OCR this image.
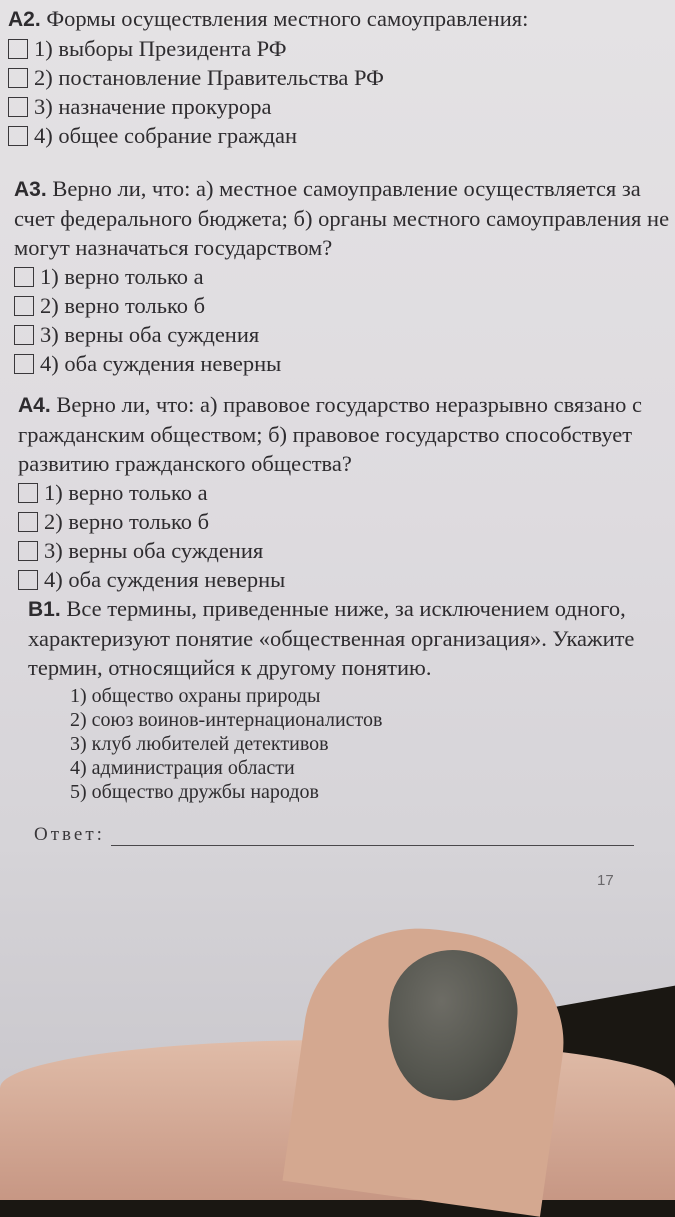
А2. Формы осуществления местного самоуправления:

1) выборы Президента РФ
2) постановление Правительства РФ
3) назначение прокурора
4) общее собрание граждан

А3. Верно ли, что: а) местное самоуправление осуществляется за счет федерального бюджета; б) органы местного самоуправления не могут назначаться государством?

1) верно только а
2) верно только б
3) верны оба суждения
4) оба суждения неверны

А4. Верно ли, что: а) правовое государство неразрывно связано с гражданским обществом; б) правовое государство способствует развитию гражданского общества?

1) верно только а
2) верно только б
3) верны оба суждения
4) оба суждения неверны

В1. Все термины, приведенные ниже, за исключением одного, характеризуют понятие «общественная организация». Укажите термин, относящийся к другому понятию.

1) общество охраны природы
2) союз воинов-интернационалистов
3) клуб любителей детективов
4) администрация области
5) общество дружбы народов
Ответ:
17
